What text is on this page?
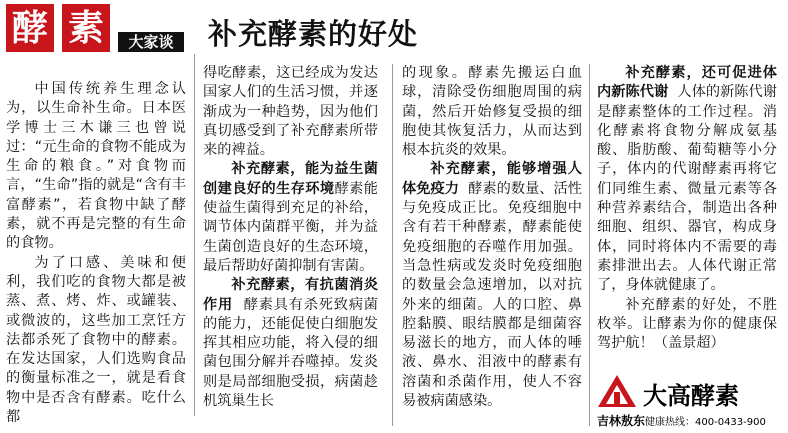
酵 素	大家谈	补充酵素的好处

中国传统养生理念认为，以生命补生命。日本医学博士三木谦三也曾说过：“元生命的食物不能成为生命的粮食。”对食物而言，“生命”指的就是“含有丰富酵素”，若食物中缺了酵素，就不再是完整的有生命的食物。

为了口感、美味和便利，我们吃的食物大都是被蒸、煮、烤、炸、或罐装、或微波的，这些加工烹饪方法都杀死了食物中的酵素。在发达国家，人们选购食品的衡量标准之一，就是看食物中是否含有酵素。吃什么都

得吃酵素，这已经成为发达国家人们的生活习惯，并逐渐成为一种趋势，因为他们真切感受到了补充酵素所带来的裨益。

补充酵素，能为益生菌创建良好的生存环境酵素能使益生菌得到充足的补给，调节体内菌群平衡，并为益生菌创造良好的生态环境，最后帮助好菌抑制有害菌。

补充酵素，有抗菌消炎作用 酵素具有杀死致病菌的能力，还能促使白细胞发挥其相应功能，将入侵的细菌包围分解并吞噬掉。发炎则是局部细胞受损，病菌趁机筑巢生长

的现象。酵素先搬运白血球，清除受伤细胞周围的病菌，然后开始修复受损的细胞使其恢复活力，从而达到根本抗炎的效果。

补充酵素，能够增强人体免疫力 酵素的数量、活性与免疫成正比。免疫细胞中含有若干种酵素，酵素能使免疫细胞的吞噬作用加强。当急性病或发炎时免疫细胞的数量会急速增加，以对抗外来的细菌。人的口腔、鼻腔黏膜、眼结膜都是细菌容易滋长的地方，而人体的唾液、鼻水、泪液中的酵素有溶菌和杀菌作用，使人不容易被病菌感染。

补充酵素，还可促进体内新陈代谢 人体的新陈代谢是酵素整体的工作过程。消化酵素将食物分解成氨基酸、脂肪酸、葡萄糖等小分子，体内的代谢酵素再将它们同维生素、微量元素等各种营养素结合，制造出各种细胞、组织、器官，构成身体，同时将体内不需要的毒素排泄出去。人体代谢正常了，身体就健康了。

补充酵素的好处，不胜枚举。让酵素为你的健康保驾护航！（盖景超）

大高酵素
吉林敖东健康热线：400-0433-900
